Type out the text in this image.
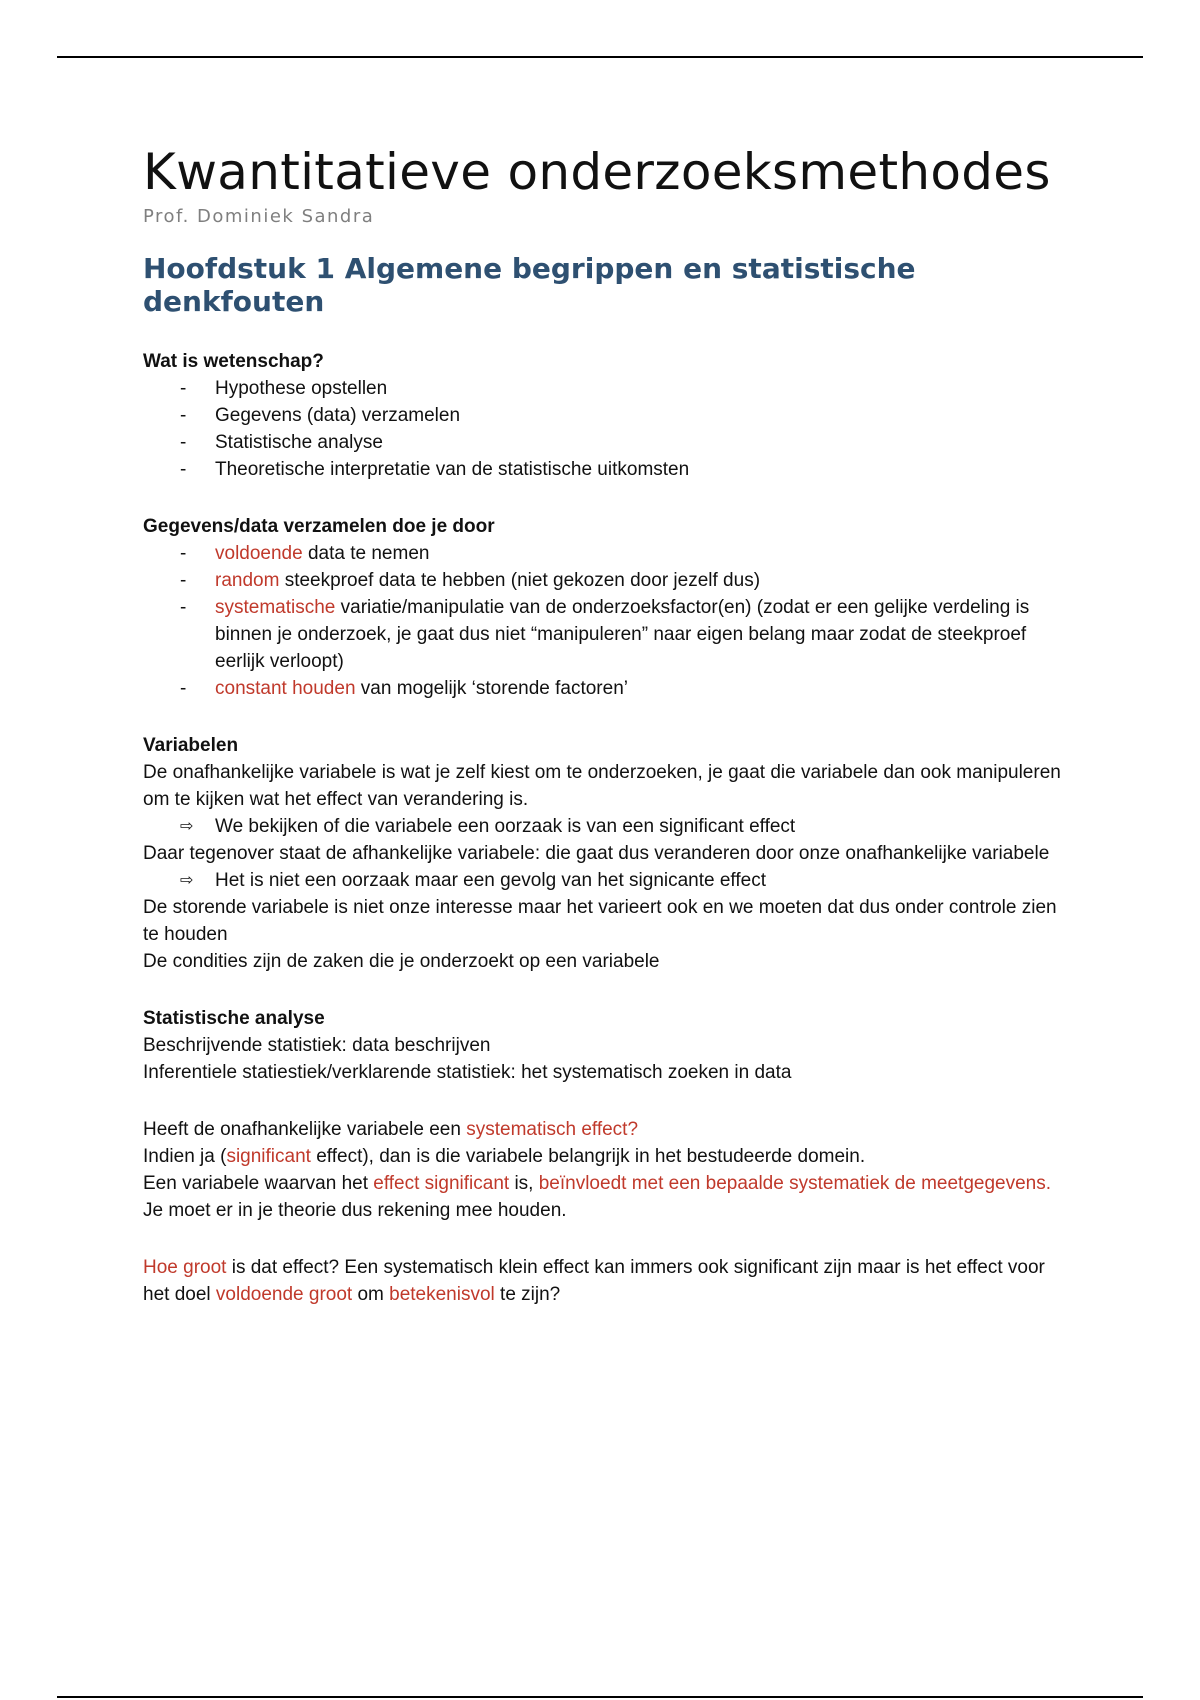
Kwantitatieve onderzoeksmethodes
Prof. Dominiek Sandra
Hoofdstuk 1 Algemene begrippen en statistische denkfouten
Wat is wetenschap?
- Hypothese opstellen
- Gegevens (data) verzamelen
- Statistische analyse
- Theoretische interpretatie van de statistische uitkomsten
Gegevens/data verzamelen doe je door
- voldoende data te nemen
- random steekproef data te hebben (niet gekozen door jezelf dus)
- systematische variatie/manipulatie van de onderzoeksfactor(en) (zodat er een gelijke verdeling is binnen je onderzoek, je gaat dus niet “manipuleren” naar eigen belang maar zodat de steekproef eerlijk verloopt)
- constant houden van mogelijk ‘storende factoren’
Variabelen
De onafhankelijke variabele is wat je zelf kiest om te onderzoeken, je gaat die variabele dan ook manipuleren om te kijken wat het effect van verandering is.
⇨ We bekijken of die variabele een oorzaak is van een significant effect
Daar tegenover staat de afhankelijke variabele: die gaat dus veranderen door onze onafhankelijke variabele
⇨ Het is niet een oorzaak maar een gevolg van het signicante effect
De storende variabele is niet onze interesse maar het varieert ook en we moeten dat dus onder controle zien te houden
De condities zijn de zaken die je onderzoekt op een variabele
Statistische analyse
Beschrijvende statistiek: data beschrijven
Inferentiele statiestiek/verklarende statistiek: het systematisch zoeken in data
Heeft de onafhankelijke variabele een systematisch effect?
Indien ja (significant effect), dan is die variabele belangrijk in het bestudeerde domein.
Een variabele waarvan het effect significant is, beïnvloedt met een bepaalde systematiek de meetgegevens. Je moet er in je theorie dus rekening mee houden.
Hoe groot is dat effect? Een systematisch klein effect kan immers ook significant zijn maar is het effect voor het doel voldoende groot om betekenisvol te zijn?
